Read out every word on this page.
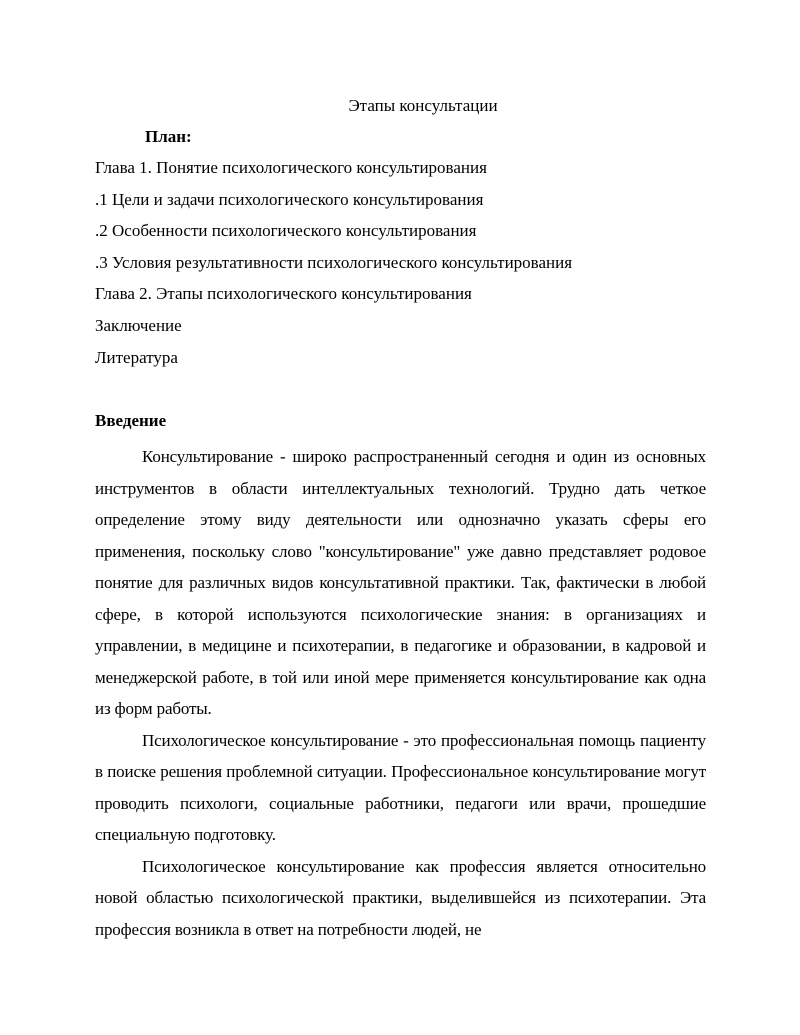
Этапы консультации
План:
Глава 1. Понятие психологического консультирования
.1 Цели и задачи психологического консультирования
.2 Особенности психологического консультирования
.3 Условия результативности психологического консультирования
Глава 2. Этапы психологического консультирования
Заключение
Литература
Введение

Консультирование - широко распространенный сегодня и один из основных инструментов в области интеллектуальных технологий. Трудно дать четкое определение этому виду деятельности или однозначно указать сферы его применения, поскольку слово "консультирование" уже давно представляет родовое понятие для различных видов консультативной практики. Так, фактически в любой сфере, в которой используются психологические знания: в организациях и управлении, в медицине и психотерапии, в педагогике и образовании, в кадровой и менеджерской работе, в той или иной мере применяется консультирование как одна из форм работы.

Психологическое консультирование - это профессиональная помощь пациенту в поиске решения проблемной ситуации. Профессиональное консультирование могут проводить психологи, социальные работники, педагоги или врачи, прошедшие специальную подготовку.

Психологическое консультирование как профессия является относительно новой областью психологической практики, выделившейся из психотерапии. Эта профессия возникла в ответ на потребности людей, не
